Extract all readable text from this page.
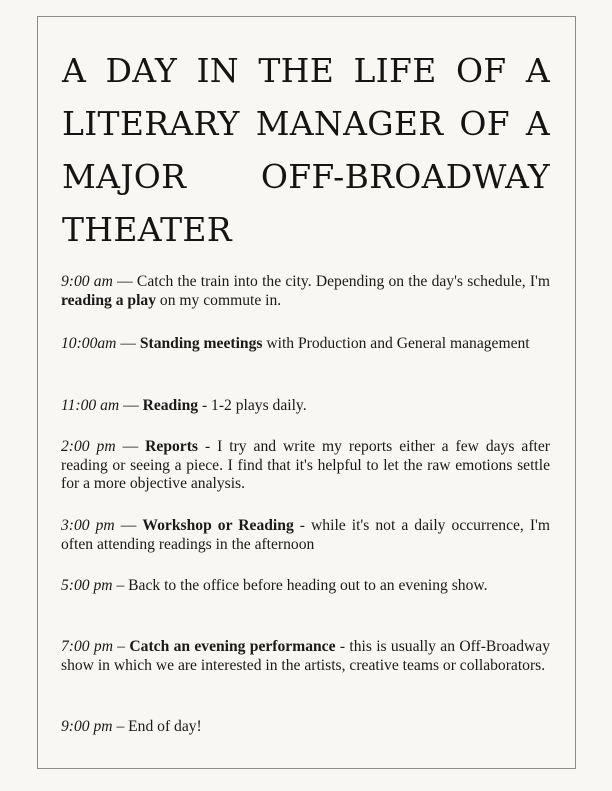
A DAY IN THE LIFE OF A
LITERARY MANAGER OF A
MAJOR OFF-BROADWAY
THEATER

9:00 am — Catch the train into the city. Depending on the day's schedule, I'm reading a play on my commute in.

10:00am — Standing meetings with Production and General management

11:00 am — Reading - 1-2 plays daily.

2:00 pm — Reports - I try and write my reports either a few days after reading or seeing a piece. I find that it's helpful to let the raw emotions settle for a more objective analysis.

3:00 pm — Workshop or Reading - while it's not a daily occurrence, I'm often attending readings in the afternoon

5:00 pm – Back to the office before heading out to an evening show.

7:00 pm – Catch an evening performance - this is usually an Off-Broadway show in which we are interested in the artists, creative teams or collaborators.

9:00 pm – End of day!
